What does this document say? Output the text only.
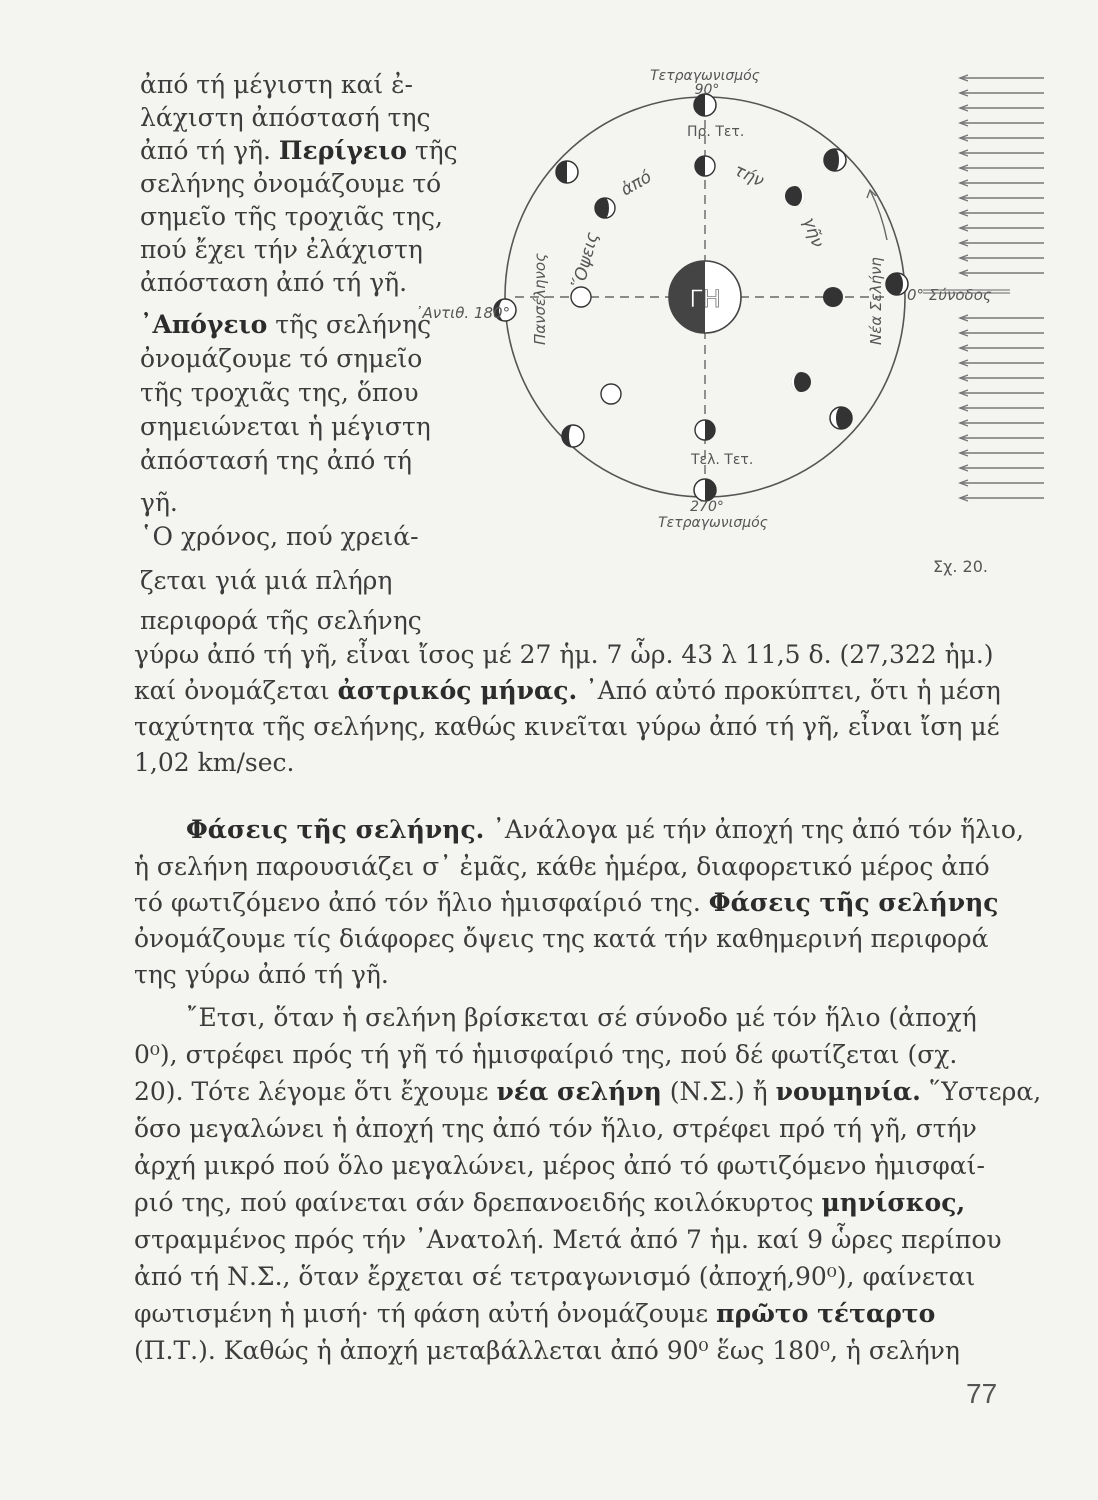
ἀπό τή μέγιστη καί ἐ-
λάχιστη ἀπόστασή της
ἀπό τή γῆ. Περίγειο τῆς
σελήνης ὀνομάζουμε τό
σημεῖο τῆς τροχιᾶς της,
πού ἔχει τήν ἐλάχιστη
ἀπόσταση ἀπό τή γῆ.
᾿Απόγειο τῆς σελήνης
ὀνομάζουμε τό σημεῖο
τῆς τροχιᾶς της, ὅπου
σημειώνεται ἡ μέγιστη
ἀπόστασή της ἀπό τή
γῆ.
῾Ο χρόνος, πού χρειά-
ζεται γιά μιά πλήρη
περιφορά τῆς σελήνης
γύρω ἀπό τή γῆ, εἶναι ἴσος μέ 27 ἡμ. 7 ὧρ. 43 λ 11,5 δ. (27,322 ἡμ.)
καί ὀνομάζεται ἀστρικός μήνας. ᾿Από αὐτό προκύπτει, ὅτι ἡ μέση
ταχύτητα τῆς σελήνης, καθώς κινεῖται γύρω ἀπό τή γῆ, εἶναι ἴση μέ
1,02 km/sec.
Φάσεις τῆς σελήνης. ᾿Ανάλογα μέ τήν ἀποχή της ἀπό τόν ἥλιο,
ἡ σελήνη παρουσιάζει σ᾿ ἐμᾶς, κάθε ἡμέρα, διαφορετικό μέρος ἀπό
τό φωτιζόμενο ἀπό τόν ἥλιο ἡμισφαίριό της. Φάσεις τῆς σελήνης
ὀνομάζουμε τίς διάφορες ὄψεις της κατά τήν καθημερινή περιφορά
της γύρω ἀπό τή γῆ.
῎Ετσι, ὅταν ἡ σελήνη βρίσκεται σέ σύνοδο μέ τόν ἥλιο (ἀποχή
0⁰), στρέφει πρός τή γῆ τό ἡμισφαίριό της, πού δέ φωτίζεται (σχ.
20). Τότε λέγομε ὅτι ἔχουμε νέα σελήνη (Ν.Σ.) ἤ νουμηνία. ῞Υστερα,
ὅσο μεγαλώνει ἡ ἀποχή της ἀπό τόν ἥλιο, στρέφει πρό τή γῆ, στήν
ἀρχή μικρό πού ὅλο μεγαλώνει, μέρος ἀπό τό φωτιζόμενο ἡμισφαί-
ριό της, πού φαίνεται σάν δρεπανοειδής κοιλόκυρτος μηνίσκος,
στραμμένος πρός τήν ᾿Ανατολή. Μετά ἀπό 7 ἡμ. καί 9 ὧρες περίπου
ἀπό τή Ν.Σ., ὅταν ἔρχεται σέ τετραγωνισμό (ἀποχή,90⁰), φαίνεται
φωτισμένη ἡ μισή· τή φάση αὐτή ὀνομάζουμε πρῶτο τέταρτο
(Π.Τ.). Καθώς ἡ ἀποχή μεταβάλλεται ἀπό 90⁰ ἕως 180⁰, ἡ σελήνη
ΓΗ
Τετραγωνισμός
90°
Πρ. Τετ.
Τελ. Τετ.
270°
Τετραγωνισμός
᾿Αντιθ. 180°
0° Σύνοδος
Πανσέληνος	Νέα Σελήνη
῞Οψεις
ἀπό	τήν
γῆν
Σχ. 20.
77
